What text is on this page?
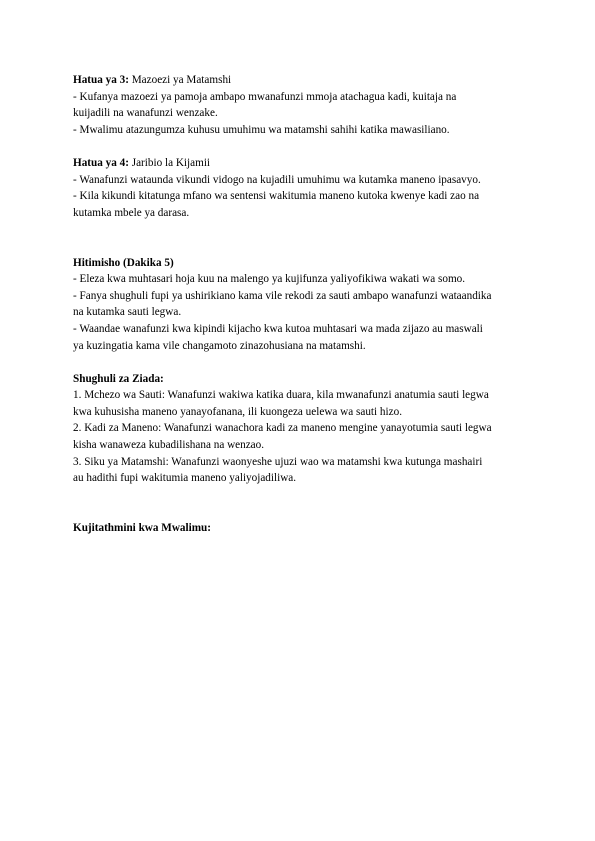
Hatua ya 3: Mazoezi ya Matamshi

- Kufanya mazoezi ya pamoja ambapo mwanafunzi mmoja atachagua kadi, kuitaja na

kuijadili na wanafunzi wenzake.

- Mwalimu atazungumza kuhusu umuhimu wa matamshi sahihi katika mawasiliano.

Hatua ya 4: Jaribio la Kijamii

- Wanafunzi wataunda vikundi vidogo na kujadili umuhimu wa kutamka maneno ipasavyo.

- Kila kikundi kitatunga mfano wa sentensi wakitumia maneno kutoka kwenye kadi zao na

kutamka mbele ya darasa.

Hitimisho (Dakika 5)

- Eleza kwa muhtasari hoja kuu na malengo ya kujifunza yaliyofikiwa wakati wa somo.

- Fanya shughuli fupi ya ushirikiano kama vile rekodi za sauti ambapo wanafunzi wataandika

na kutamka sauti legwa.

- Waandae wanafunzi kwa kipindi kijacho kwa kutoa muhtasari wa mada zijazo au maswali

ya kuzingatia kama vile changamoto zinazohusiana na matamshi.

Shughuli za Ziada:

1. Mchezo wa Sauti: Wanafunzi wakiwa katika duara, kila mwanafunzi anatumia sauti legwa

kwa kuhusisha maneno yanayofanana, ili kuongeza uelewa wa sauti hizo.

2. Kadi za Maneno: Wanafunzi wanachora kadi za maneno mengine yanayotumia sauti legwa

kisha wanaweza kubadilishana na wenzao.

3. Siku ya Matamshi: Wanafunzi waonyeshe ujuzi wao wa matamshi kwa kutunga mashairi

au hadithi fupi wakitumia maneno yaliyojadiliwa.

Kujitathmini kwa Mwalimu:
